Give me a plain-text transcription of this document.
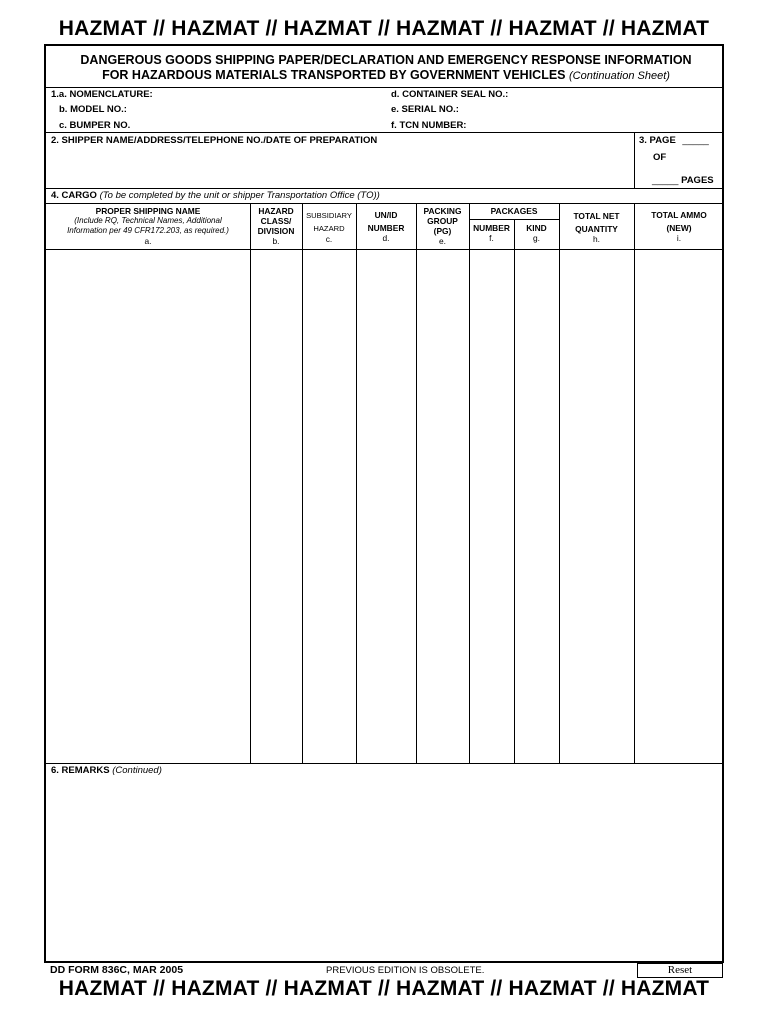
HAZMAT // HAZMAT // HAZMAT // HAZMAT // HAZMAT // HAZMAT
DANGEROUS GOODS SHIPPING PAPER/DECLARATION AND EMERGENCY RESPONSE INFORMATION
FOR HAZARDOUS MATERIALS TRANSPORTED BY GOVERNMENT VEHICLES (Continuation Sheet)
1.a. NOMENCLATURE:
b. MODEL NO.:
c. BUMPER NO.
d. CONTAINER SEAL NO.:
e. SERIAL NO.:
f. TCN NUMBER:
2. SHIPPER NAME/ADDRESS/TELEPHONE NO./DATE OF PREPARATION	3. PAGE _____
OF
_____ PAGES
4. CARGO (To be completed by the unit or shipper Transportation Office (TO))
PROPER SHIPPING NAME
(Include RQ, Technical Names, Additional
Information per 49 CFR172.203, as required.)
a.
HAZARD
CLASS/
DIVISION
b.
SUBSIDIARY
HAZARD
c.
UN/ID
NUMBER
d.
PACKING
GROUP
(PG)
e.
PACKAGES
NUMBER
f.
KIND
g.
TOTAL NET
QUANTITY
h.
TOTAL AMMO
(NEW)
i.
6. REMARKS (Continued)
DD FORM 836C, MAR 2005	PREVIOUS EDITION IS OBSOLETE.	Reset
HAZMAT // HAZMAT // HAZMAT // HAZMAT // HAZMAT // HAZMAT
